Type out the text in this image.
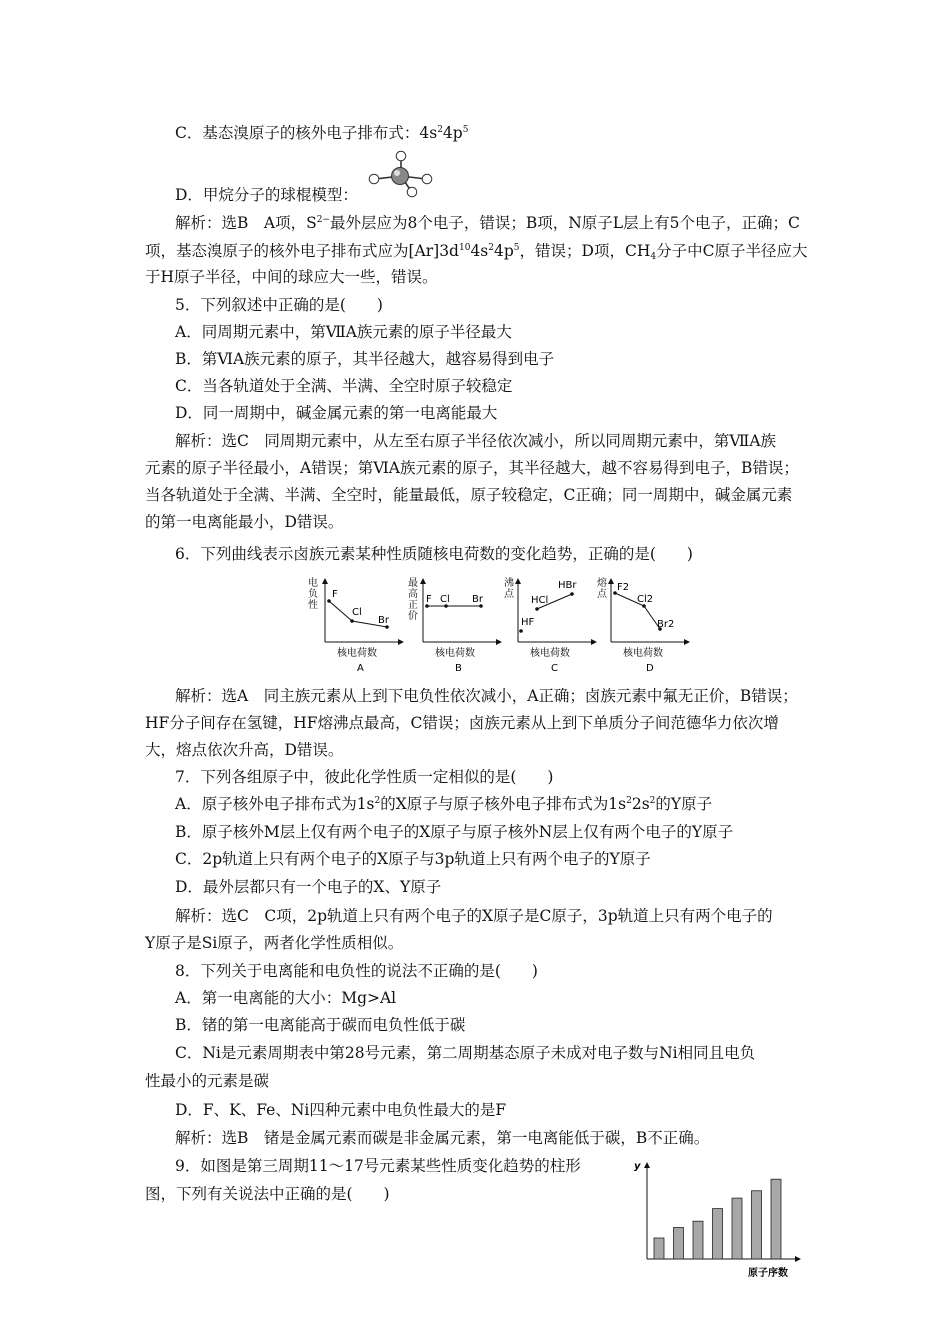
C．基态溴原子的核外电子排布式：$4s^24p^5$
D．甲烷分子的球棍模型：
解析：选B　A项，$S^{2-}$最外层应为8个电子，错误；B项，N原子L层上有5个电子，正确；C
项，基态溴原子的核外电子排布式应为$[Ar]3d^{10}4s^24p^5$，错误；D项，$CH_4$分子中C原子半径应大
于H原子半径，中间的球应大一些，错误。
5．下列叙述中正确的是(　　)
A．同周期元素中，第ⅦA族元素的原子半径最大
B．第ⅥA族元素的原子，其半径越大，越容易得到电子
C．当各轨道处于全满、半满、全空时原子较稳定
D．同一周期中，碱金属元素的第一电离能最大
解析：选C　同周期元素中，从左至右原子半径依次减小，所以同周期元素中，第ⅦA族
元素的原子半径最小，A错误；第ⅥA族元素的原子，其半径越大，越不容易得到电子，B错误；
当各轨道处于全满、半满、全空时，能量最低，原子较稳定，C正确；同一周期中，碱金属元素
的第一电离能最小，D错误。
6．下列曲线表示卤族元素某种性质随核电荷数的变化趋势，正确的是(　　)
F
Cl
Br
核电荷数
A
F Cl Br
核电荷数
B
HF
HCl
HBr
核电荷数
C
F2
Cl2
Br2
核电荷数
D
电
负
性
最
高
正
价
沸
点
熔
点
解析：选A　同主族元素从上到下电负性依次减小，A正确；卤族元素中氟无正价，B错误；
HF分子间存在氢键，HF熔沸点最高，C错误；卤族元素从上到下单质分子间范德华力依次增
大，熔点依次升高，D错误。
7．下列各组原子中，彼此化学性质一定相似的是(　　)
A．原子核外电子排布式为$1s^2$的X原子与原子核外电子排布式为$1s^22s^2$的Y原子
B．原子核外M层上仅有两个电子的X原子与原子核外N层上仅有两个电子的Y原子
C．2p轨道上只有两个电子的X原子与3p轨道上只有两个电子的Y原子
D．最外层都只有一个电子的X、Y原子
解析：选C　C项，2p轨道上只有两个电子的X原子是C原子，3p轨道上只有两个电子的
Y原子是Si原子，两者化学性质相似。
8．下列关于电离能和电负性的说法不正确的是(　　)
A．第一电离能的大小：Mg>Al
B．锗的第一电离能高于碳而电负性低于碳
C．Ni是元素周期表中第28号元素，第二周期基态原子未成对电子数与Ni相同且电负
性最小的元素是碳
D．F、K、Fe、Ni四种元素中电负性最大的是F
解析：选B　锗是金属元素而碳是非金属元素，第一电离能低于碳，B不正确。
9．如图是第三周期11～17号元素某些性质变化趋势的柱形
图，下列有关说法中正确的是(　　)
y
原子序数
